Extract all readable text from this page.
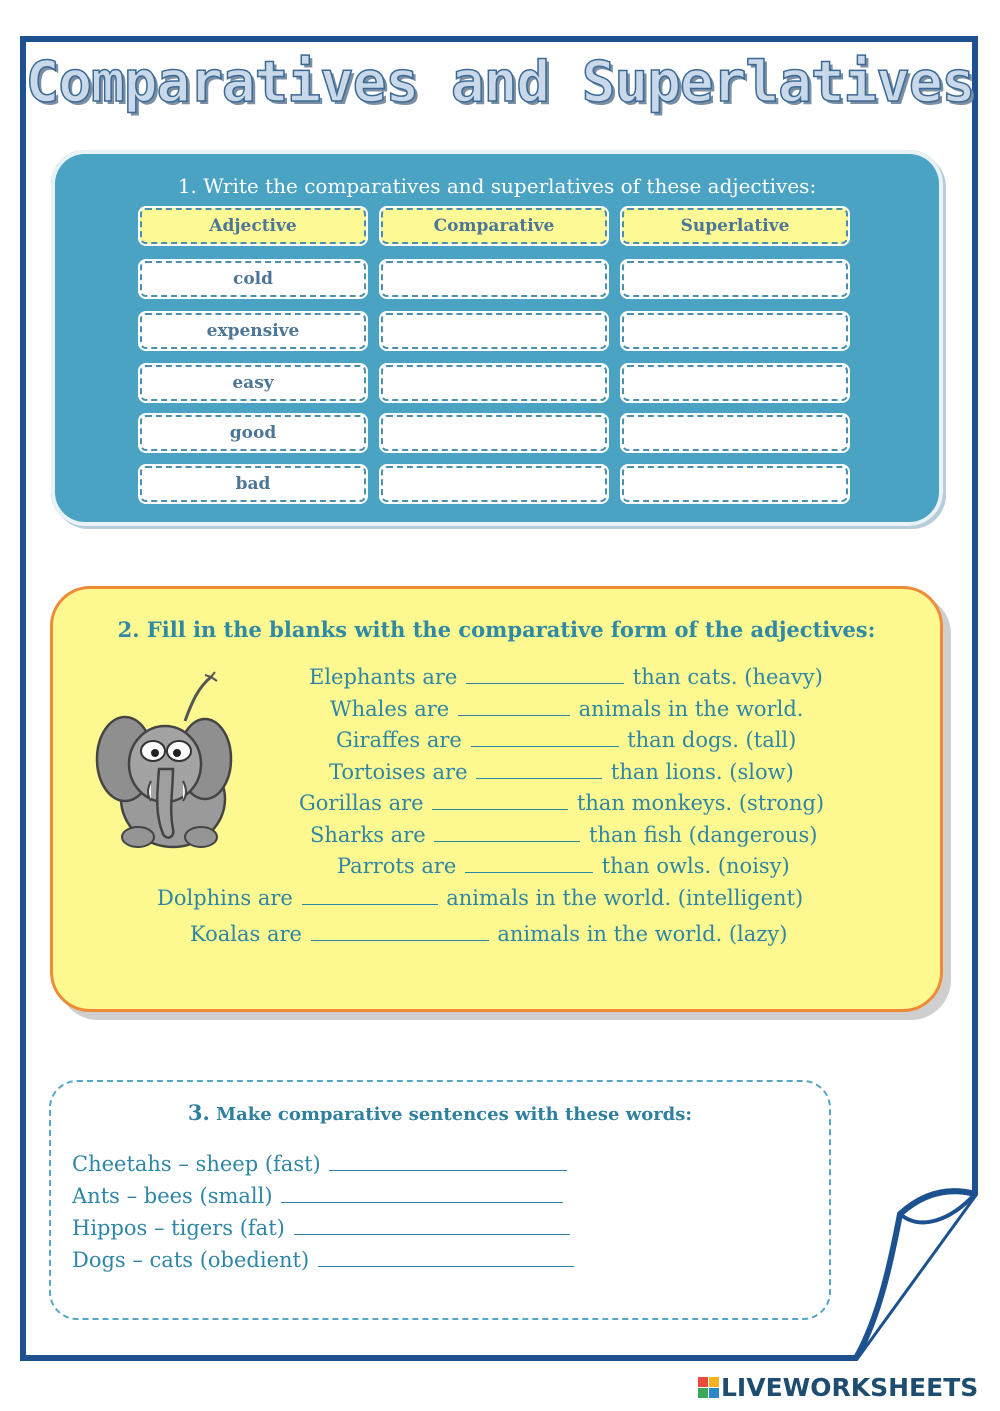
Comparatives and Superlatives
1. Write the comparatives and superlatives of these adjectives:
Adjective	Comparative	Superlative
cold
expensive
easy
good
bad
2. Fill in the blanks with the comparative form of the adjectives:
Elephants are	than cats. (heavy)
Whales are	animals in the world.
Giraffes are	than dogs. (tall)
Tortoises are	than lions. (slow)
Gorillas are	than monkeys. (strong)
Sharks are	than fish (dangerous)
Parrots are	than owls. (noisy)
Dolphins are	animals in the world. (intelligent)
Koalas are	animals in the world. (lazy)
3. Make comparative sentences with these words:
Cheetahs – sheep (fast)
Ants – bees (small)
Hippos – tigers (fat)
Dogs – cats (obedient)
LIVEWORKSHEETS
